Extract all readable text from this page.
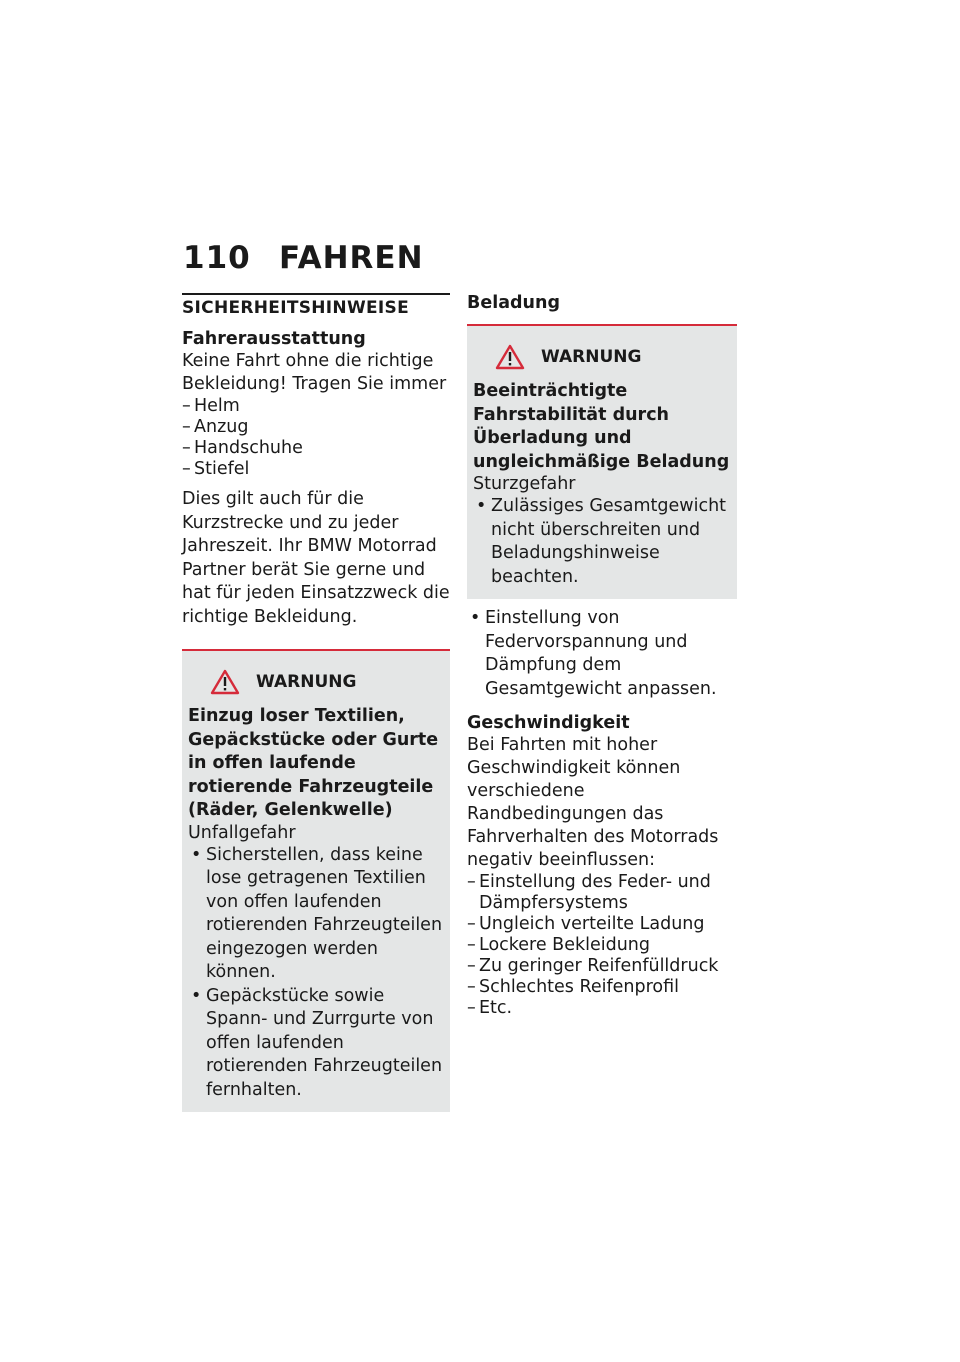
110 FAHREN
SICHERHEITSHINWEISE

Fahrerausstattung

Keine Fahrt ohne die richtige Bekleidung! Tragen Sie immer

– Helm
– Anzug
– Handschuhe
– Stiefel

Dies gilt auch für die Kurzstrecke und zu jeder Jahreszeit. Ihr BMW Motorrad Partner berät Sie gerne und hat für jeden Einsatzzweck die richtige Bekleidung.

WARNUNG

Einzug loser Textilien, Gepäckstücke oder Gurte in offen laufende rotierende Fahrzeugteile (Räder, Gelenkwelle)

Unfallgefahr

• Sicherstellen, dass keine lose getragenen Textilien von offen laufenden rotierenden Fahrzeugteilen eingezogen werden können.
• Gepäckstücke sowie Spann- und Zurrgurte von offen laufenden rotierenden Fahrzeugteilen fernhalten.

Beladung

WARNUNG

Beeinträchtigte Fahrstabilität durch Überladung und ungleichmäßige Beladung

Sturzgefahr

• Zulässiges Gesamtgewicht nicht überschreiten und Beladungshinweise beachten.
• Einstellung von Federvorspannung und Dämpfung dem Gesamtgewicht anpassen.

Geschwindigkeit

Bei Fahrten mit hoher Geschwindigkeit können verschiedene Randbedingungen das Fahrverhalten des Motorrads negativ beeinflussen:

– Einstellung des Feder- und Dämpfersystems
– Ungleich verteilte Ladung
– Lockere Bekleidung
– Zu geringer Reifenfülldruck
– Schlechtes Reifenprofil
– Etc.
